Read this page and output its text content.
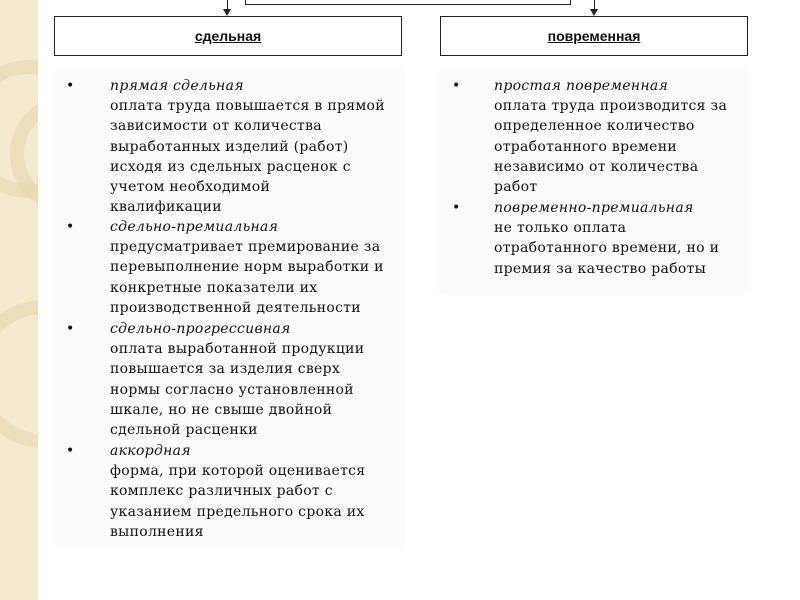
сдельная	повременная
•	прямая сдельная
оплата труда повышается в прямой
зависимости от количества
выработанных изделий (работ)
исходя из сдельных расценок с
учетом необходимой
квалификации
•	сдельно-премиальная
предусматривает премирование за
перевыполнение норм выработки и
конкретные показатели их
производственной деятельности
•	сдельно-прогрессивная
оплата выработанной продукции
повышается за изделия сверх
нормы согласно установленной
шкале, но не свыше двойной
сдельной расценки
•	аккордная
форма, при которой оценивается
комплекс различных работ с
указанием предельного срока их
выполнения
• простая повременная
оплата труда производится за
определенное количество
отработанного времени
независимо от количества
работ
• повременно-премиальная
не только оплата
отработанного времени, но и
премия за качество работы
